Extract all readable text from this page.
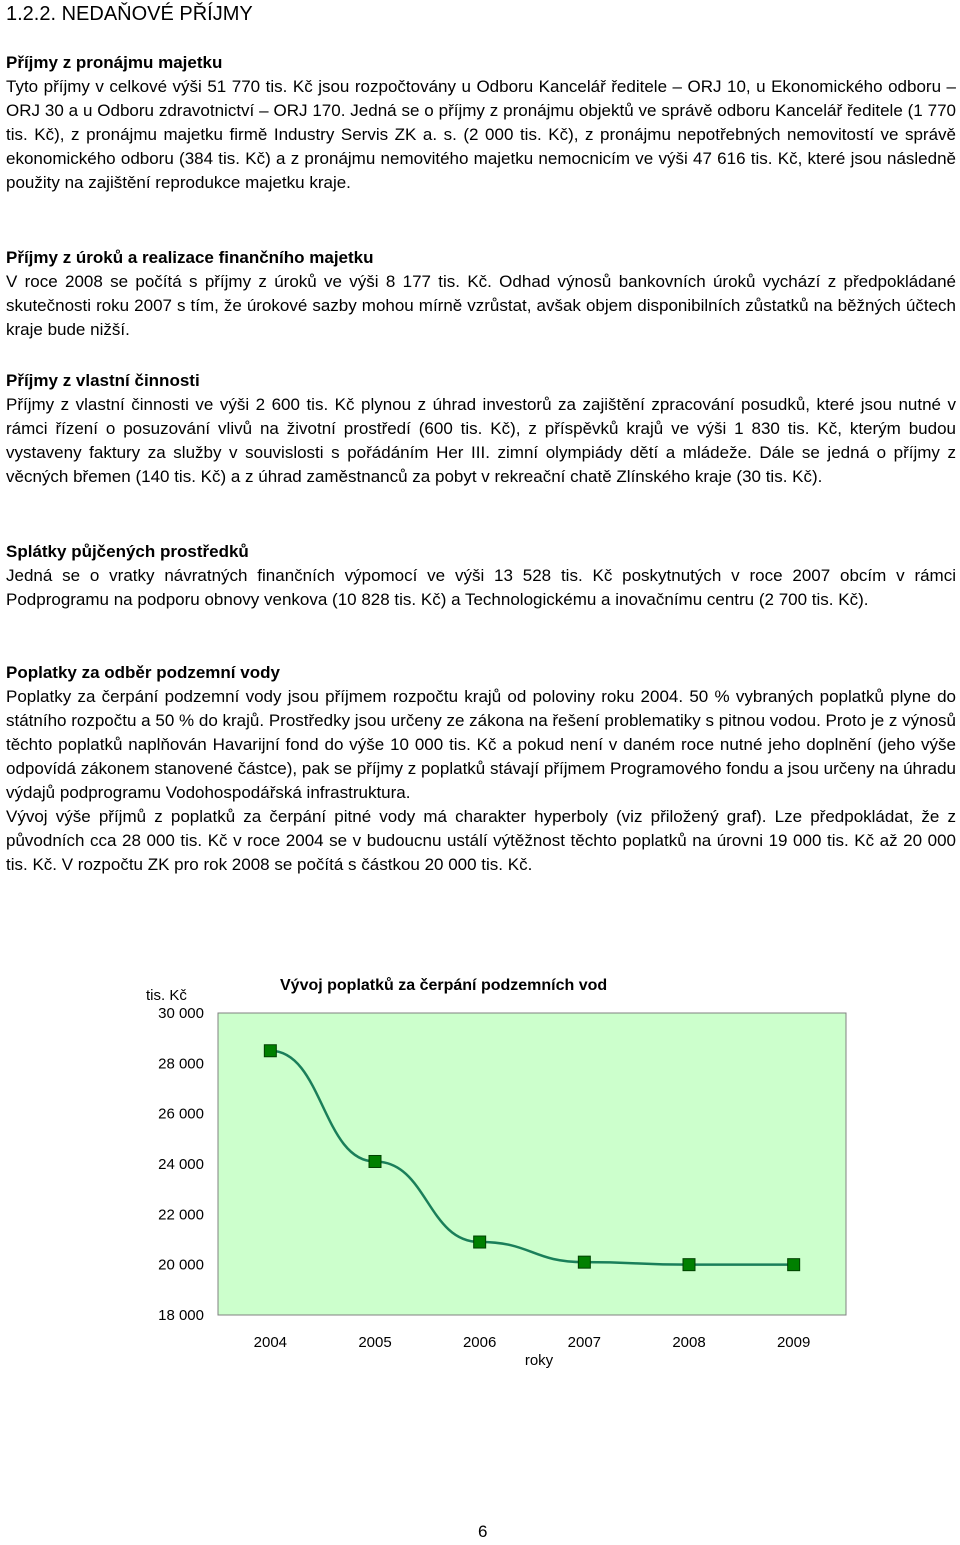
1.2.2. NEDAŇOVÉ PŘÍJMY
Příjmy z pronájmu majetku

Tyto příjmy v celkové výši 51 770 tis. Kč jsou rozpočtovány u Odboru Kancelář ředitele – ORJ 10, u Ekonomického odboru – ORJ 30 a u Odboru zdravotnictví – ORJ 170. Jedná se o příjmy z pronájmu objektů ve správě odboru Kancelář ředitele (1 770 tis. Kč), z pronájmu majetku firmě Industry Servis ZK a. s. (2 000 tis. Kč), z pronájmu nepotřebných nemovitostí ve správě ekonomického odboru (384 tis. Kč) a z pronájmu nemovitého majetku nemocnicím ve výši 47 616 tis. Kč, které jsou následně použity na zajištění reprodukce majetku kraje.

Příjmy z úroků a realizace finančního majetku

V roce 2008 se počítá s příjmy z úroků ve výši 8 177 tis. Kč. Odhad výnosů bankovních úroků vychází z předpokládané skutečnosti roku 2007 s tím, že úrokové sazby mohou mírně vzrůstat, avšak objem disponibilních zůstatků na běžných účtech kraje bude nižší.

Příjmy z vlastní činnosti

Příjmy z vlastní činnosti ve výši 2 600 tis. Kč plynou z úhrad investorů za zajištění zpracování posudků, které jsou nutné v rámci řízení o posuzování vlivů na životní prostředí (600 tis. Kč), z příspěvků krajů ve výši 1 830 tis. Kč, kterým budou vystaveny faktury za služby v souvislosti s pořádáním Her III. zimní olympiády dětí a mládeže. Dále se jedná o příjmy z věcných břemen (140 tis. Kč) a z úhrad zaměstnanců za pobyt v rekreační chatě Zlínského kraje (30 tis. Kč).

Splátky půjčených prostředků

Jedná se o vratky návratných finančních výpomocí ve výši 13 528 tis. Kč poskytnutých v roce 2007 obcím v rámci Podprogramu na podporu obnovy venkova (10 828 tis. Kč) a Technologickému a inovačnímu centru (2 700 tis. Kč).

Poplatky za odběr podzemní vody

Poplatky za čerpání podzemní vody jsou příjmem rozpočtu krajů od poloviny roku 2004. 50 % vybraných poplatků plyne do státního rozpočtu a 50 % do krajů. Prostředky jsou určeny ze zákona na řešení problematiky s pitnou vodou. Proto je z výnosů těchto poplatků naplňován Havarijní fond do výše 10 000 tis. Kč a pokud není v daném roce nutné jeho doplnění (jeho výše odpovídá zákonem stanovené částce), pak se příjmy z poplatků stávají příjmem Programového fondu a jsou určeny na úhradu výdajů podprogramu Vodohospodářská infrastruktura.

Vývoj výše příjmů z poplatků za čerpání pitné vody má charakter hyperboly (viz přiložený graf). Lze předpokládat, že z původních cca 28 000 tis. Kč v roce 2004 se v budoucnu ustálí výtěžnost těchto poplatků na úrovni 19 000 tis. Kč až 20 000 tis. Kč. V rozpočtu ZK pro rok 2008 se počítá s částkou 20 000 tis. Kč.

Vývoj poplatků za čerpání podzemních vod
tis. Kč
roky
30 000
28 000
26 000
24 000
22 000
20 000
18 000
2004	2005	2006	2007	2008	2009
6
